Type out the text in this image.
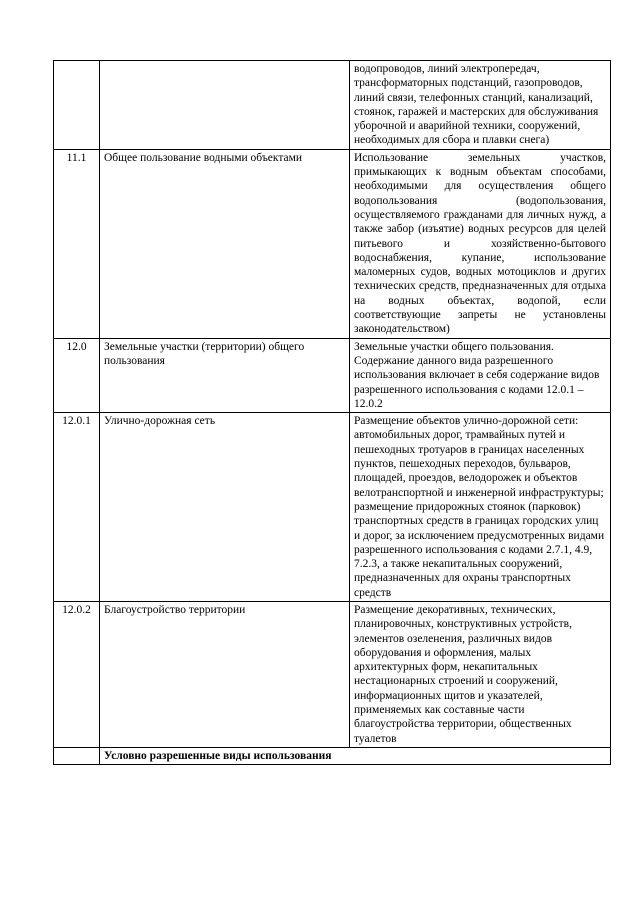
		водопроводов, линий электропередач, трансформаторных подстанций, газопроводов, линий связи, телефонных станций, канализаций, стоянок, гаражей и мастерских для обслуживания уборочной и аварийной техники, сооружений, необходимых для сбора и плавки снега)
11.1	Общее пользование водными объектами	Использование земельных участков, примыкающих к водным объектам способами, необходимыми для осуществления общего водопользования (водопользования, осуществляемого гражданами для личных нужд, а также забор (изъятие) водных ресурсов для целей питьевого и хозяйственно-бытового водоснабжения, купание, использование маломерных судов, водных мотоциклов и других технических средств, предназначенных для отдыха на водных объектах, водопой, если соответствующие запреты не установлены законодательством)
12.0	Земельные участки (территории) общего пользования	Земельные участки общего пользования. Содержание данного вида разрешенного использования включает в себя содержание видов разрешенного использования с кодами 12.0.1 – 12.0.2
12.0.1	Улично-дорожная сеть	Размещение объектов улично-дорожной сети: автомобильных дорог, трамвайных путей и пешеходных тротуаров в границах населенных пунктов, пешеходных переходов, бульваров, площадей, проездов, велодорожек и объектов велотранспортной и инженерной инфраструктуры; размещение придорожных стоянок (парковок) транспортных средств в границах городских улиц и дорог, за исключением предусмотренных видами разрешенного использования с кодами 2.7.1, 4.9, 7.2.3, а также некапитальных сооружений, предназначенных для охраны транспортных средств
12.0.2	Благоустройство территории	Размещение декоративных, технических, планировочных, конструктивных устройств, элементов озеленения, различных видов оборудования и оформления, малых архитектурных форм, некапитальных нестационарных строений и сооружений, информационных щитов и указателей, применяемых как составные части благоустройства территории, общественных туалетов
	Условно разрешенные виды использования	
